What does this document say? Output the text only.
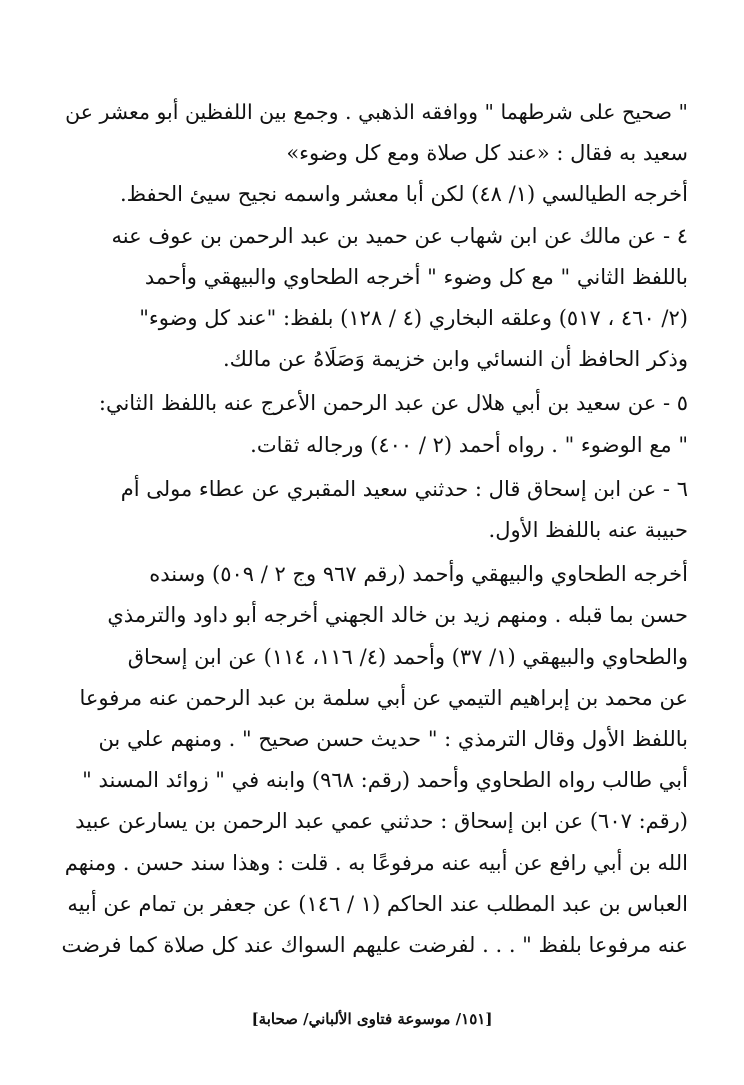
" صحيح على شرطهما " ووافقه الذهبي . وجمع بين اللفظين أبو معشر عن
سعيد به فقال : «عند كل صلاة ومع كل وضوء»
أخرجه الطيالسي (١/ ٤٨) لكن أبا معشر واسمه نجيح سيئ الحفظ.
٤ - عن مالك عن ابن شهاب عن حميد بن عبد الرحمن بن عوف عنه
باللفظ الثاني " مع كل وضوء " أخرجه الطحاوي والبيهقي وأحمد
(٢/ ٤٦٠ ، ٥١٧) وعلقه البخاري (٤ / ١٢٨) بلفظ: "عند كل وضوء"
وذكر الحافظ أن النسائي وابن خزيمة وَصَلَاهُ عن مالك.
٥ - عن سعيد بن أبي هلال عن عبد الرحمن الأعرج عنه باللفظ الثاني:
" مع الوضوء " . رواه أحمد (٢ / ٤٠٠) ورجاله ثقات.
٦ - عن ابن إسحاق قال : حدثني سعيد المقبري عن عطاء مولى أم
حبيبة عنه باللفظ الأول.
أخرجه الطحاوي والبيهقي وأحمد (رقم ٩٦٧ وج ٢ / ٥٠٩) وسنده
حسن بما قبله . ومنهم زيد بن خالد الجهني أخرجه أبو داود والترمذي
والطحاوي والبيهقي (١/ ٣٧) وأحمد (٤/ ١١٦، ١١٤) عن ابن إسحاق
عن محمد بن إبراهيم التيمي عن أبي سلمة بن عبد الرحمن عنه مرفوعا
باللفظ الأول وقال الترمذي : " حديث حسن صحيح " . ومنهم علي بن
أبي طالب رواه الطحاوي وأحمد (رقم: ٩٦٨) وابنه في " زوائد المسند "
(رقم: ٦٠٧) عن ابن إسحاق : حدثني عمي عبد الرحمن بن يسارعن عبيد
الله بن أبي رافع عن أبيه عنه مرفوعًا به . قلت : وهذا سند حسن . ومنهم
العباس بن عبد المطلب عند الحاكم (١ / ١٤٦) عن جعفر بن تمام عن أبيه
عنه مرفوعا بلفظ " . . . لفرضت عليهم السواك عند كل صلاة كما فرضت
[١٥١/ موسوعة فتاوى الألباني/ صحابة]
